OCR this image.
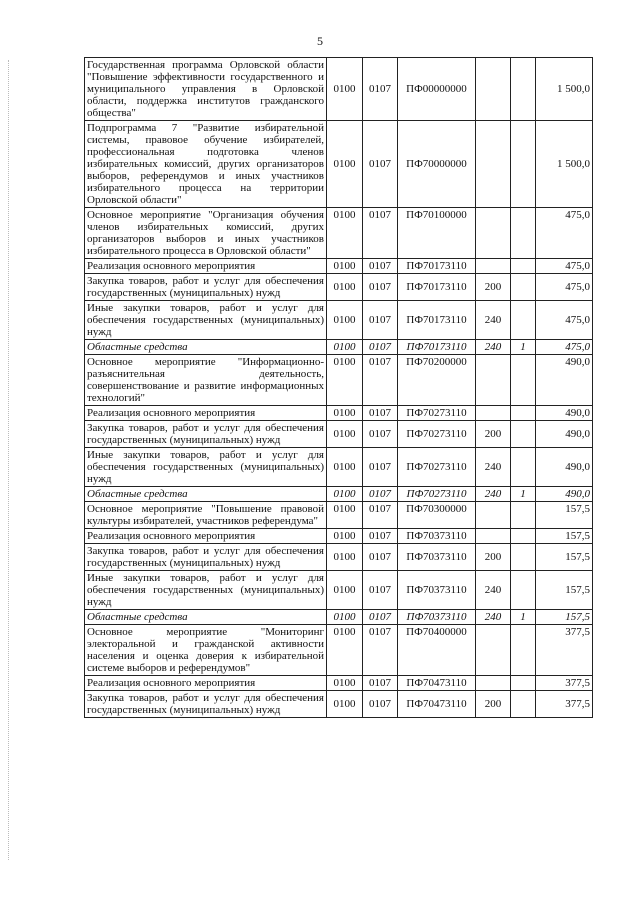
5
Государственная программа Орловской области "Повышение эффективности государственного и муниципального управления в Орловской области, поддержка институтов гражданского общества"	0100	0107	ПФ00000000			1 500,0
Подпрограмма 7 "Развитие избирательной системы, правовое обучение избирателей, профессиональная подготовка членов избирательных комиссий, других организаторов выборов, референдумов и иных участников избирательного процесса на территории Орловской области"	0100	0107	ПФ70000000			1 500,0
Основное мероприятие "Организация обучения членов избирательных комиссий, других организаторов выборов и иных участников избирательного процесса в Орловской области"	0100	0107	ПФ70100000			475,0
Реализация основного мероприятия	0100	0107	ПФ70173110			475,0
Закупка товаров, работ и услуг для обеспечения государственных (муниципальных) нужд	0100	0107	ПФ70173110	200		475,0
Иные закупки товаров, работ и услуг для обеспечения государственных (муниципальных) нужд	0100	0107	ПФ70173110	240		475,0
Областные средства	0100	0107	ПФ70173110	240	1	475,0
Основное мероприятие "Информационно-разъяснительная деятельность, совершенствование и развитие информационных технологий"	0100	0107	ПФ70200000			490,0
Реализация основного мероприятия	0100	0107	ПФ70273110			490,0
Закупка товаров, работ и услуг для обеспечения государственных (муниципальных) нужд	0100	0107	ПФ70273110	200		490,0
Иные закупки товаров, работ и услуг для обеспечения государственных (муниципальных) нужд	0100	0107	ПФ70273110	240		490,0
Областные средства	0100	0107	ПФ70273110	240	1	490,0
Основное мероприятие "Повышение правовой культуры избирателей, участников референдума"	0100	0107	ПФ70300000			157,5
Реализация основного мероприятия	0100	0107	ПФ70373110			157,5
Закупка товаров, работ и услуг для обеспечения государственных (муниципальных) нужд	0100	0107	ПФ70373110	200		157,5
Иные закупки товаров, работ и услуг для обеспечения государственных (муниципальных) нужд	0100	0107	ПФ70373110	240		157,5
Областные средства	0100	0107	ПФ70373110	240	1	157,5
Основное мероприятие "Мониторинг электоральной и гражданской активности населения и оценка доверия к избирательной системе выборов и референдумов"	0100	0107	ПФ70400000			377,5
Реализация основного мероприятия	0100	0107	ПФ70473110			377,5
Закупка товаров, работ и услуг для обеспечения государственных (муниципальных) нужд	0100	0107	ПФ70473110	200		377,5
